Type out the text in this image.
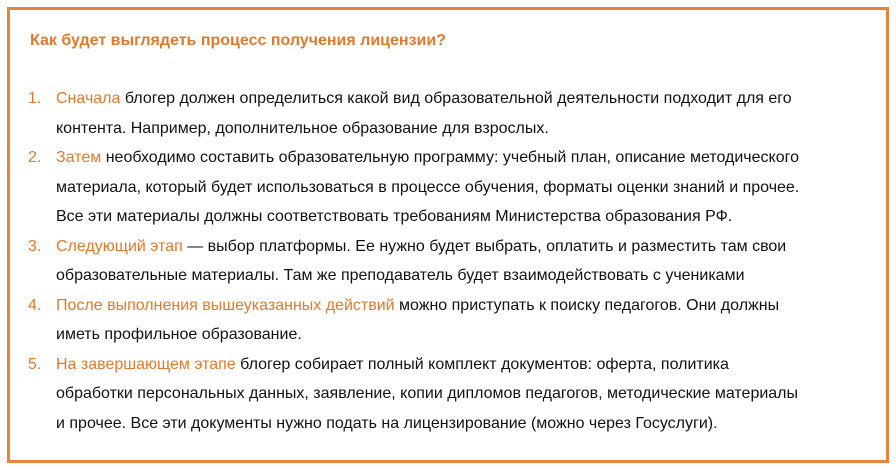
Как будет выглядеть процесс получения лицензии?
1. Сначала блогер должен определиться какой вид образовательной деятельности подходит для его
контента. Например, дополнительное образование для взрослых.
2. Затем необходимо составить образовательную программу: учебный план, описание методического
материала, который будет использоваться в процессе обучения, форматы оценки знаний и прочее.
Все эти материалы должны соответствовать требованиям Министерства образования РФ.
3. Следующий этап — выбор платформы. Ее нужно будет выбрать, оплатить и разместить там свои
образовательные материалы. Там же преподаватель будет взаимодействовать с учениками
4. После выполнения вышеуказанных действий можно приступать к поиску педагогов. Они должны
иметь профильное образование.
5. На завершающем этапе блогер собирает полный комплект документов: оферта, политика
обработки персональных данных, заявление, копии дипломов педагогов, методические материалы
и прочее. Все эти документы нужно подать на лицензирование (можно через Госуслуги).
